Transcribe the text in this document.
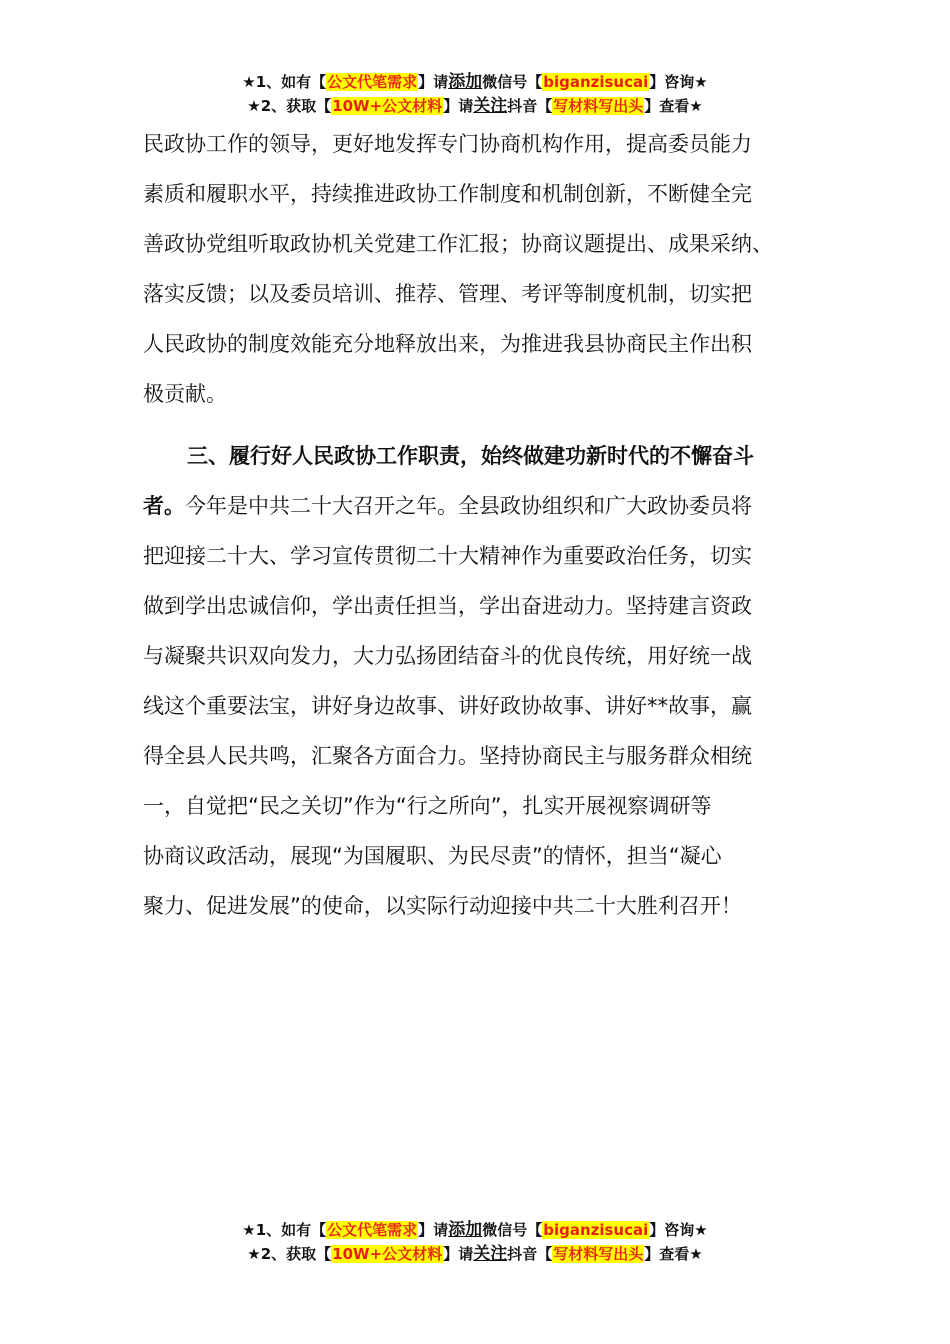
★1、如有【公文代笔需求】请添加微信号【biganzisucai】咨询★
★2、获取【10W+公文材料】请关注抖音【写材料写出头】查看★
民政协工作的领导，更好地发挥专门协商机构作用，提高委员能力
素质和履职水平，持续推进政协工作制度和机制创新，不断健全完
善政协党组听取政协机关党建工作汇报；协商议题提出、成果采纳、
落实反馈；以及委员培训、推荐、管理、考评等制度机制，切实把
人民政协的制度效能充分地释放出来，为推进我县协商民主作出积
极贡献。
三、履行好人民政协工作职责，始终做建功新时代的不懈奋斗
者。今年是中共二十大召开之年。全县政协组织和广大政协委员将
把迎接二十大、学习宣传贯彻二十大精神作为重要政治任务，切实
做到学出忠诚信仰，学出责任担当，学出奋进动力。坚持建言资政
与凝聚共识双向发力，大力弘扬团结奋斗的优良传统，用好统一战
线这个重要法宝，讲好身边故事、讲好政协故事、讲好**故事，赢
得全县人民共鸣，汇聚各方面合力。坚持协商民主与服务群众相统
一，自觉把“民之关切”作为“行之所向”，扎实开展视察调研等
协商议政活动，展现“为国履职、为民尽责”的情怀，担当“凝心
聚力、促进发展”的使命，以实际行动迎接中共二十大胜利召开！
★1、如有【公文代笔需求】请添加微信号【biganzisucai】咨询★
★2、获取【10W+公文材料】请关注抖音【写材料写出头】查看★
